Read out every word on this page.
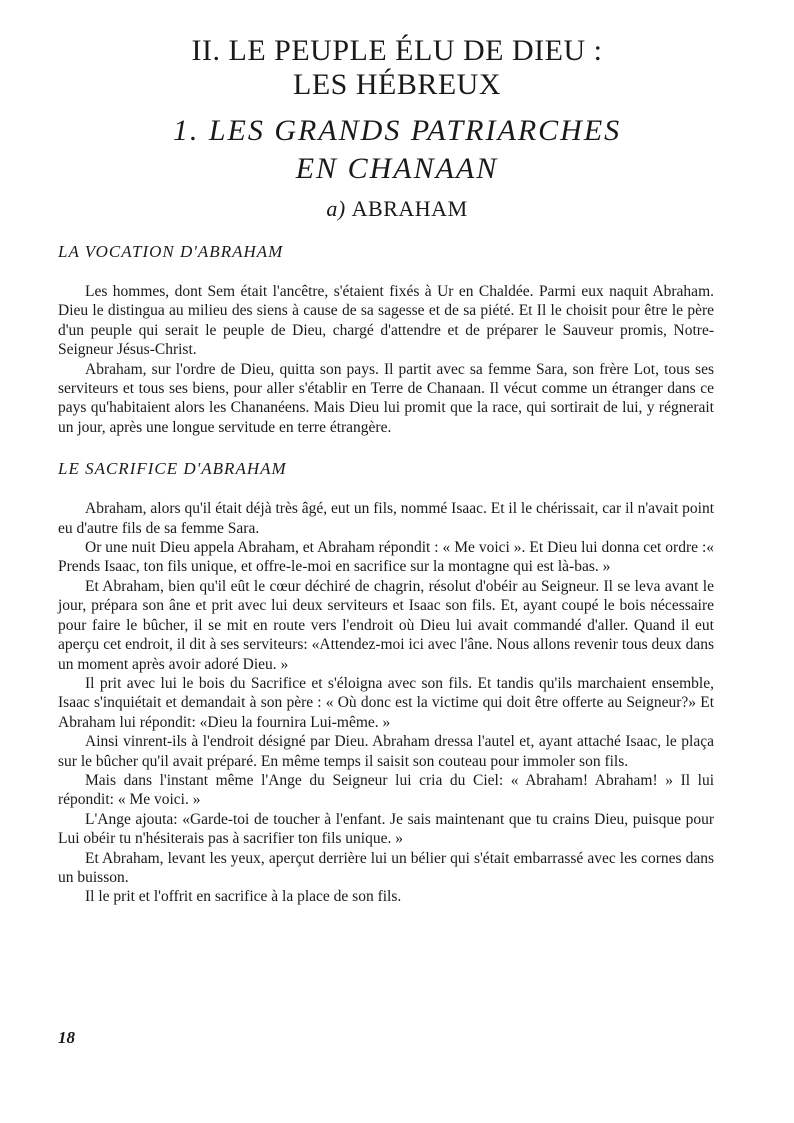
II. LE PEUPLE ÉLU DE DIEU :
LES HÉBREUX
1. LES GRANDS PATRIARCHES
EN CHANAAN
a) ABRAHAM
LA VOCATION D'ABRAHAM

Les hommes, dont Sem était l'ancêtre, s'étaient fixés à Ur en Chaldée. Parmi eux naquit Abraham. Dieu le distingua au milieu des siens à cause de sa sagesse et de sa piété. Et Il le choisit pour être le père d'un peuple qui serait le peuple de Dieu, chargé d'attendre et de préparer le Sauveur promis, Notre-Seigneur Jésus-Christ.

Abraham, sur l'ordre de Dieu, quitta son pays. Il partit avec sa femme Sara, son frère Lot, tous ses serviteurs et tous ses biens, pour aller s'établir en Terre de Chanaan. Il vécut comme un étranger dans ce pays qu'habitaient alors les Chananéens. Mais Dieu lui promit que la race, qui sortirait de lui, y régnerait un jour, après une longue servitude en terre étrangère.

LE SACRIFICE D'ABRAHAM

Abraham, alors qu'il était déjà très âgé, eut un fils, nommé Isaac. Et il le chérissait, car il n'avait point eu d'autre fils de sa femme Sara.

Or une nuit Dieu appela Abraham, et Abraham répondit : « Me voici ». Et Dieu lui donna cet ordre :« Prends Isaac, ton fils unique, et offre-le-moi en sacrifice sur la montagne qui est là-bas. »

Et Abraham, bien qu'il eût le cœur déchiré de chagrin, résolut d'obéir au Seigneur. Il se leva avant le jour, prépara son âne et prit avec lui deux serviteurs et Isaac son fils. Et, ayant coupé le bois nécessaire pour faire le bûcher, il se mit en route vers l'endroit où Dieu lui avait commandé d'aller. Quand il eut aperçu cet endroit, il dit à ses serviteurs: «Attendez-moi ici avec l'âne. Nous allons revenir tous deux dans un moment après avoir adoré Dieu. »

Il prit avec lui le bois du Sacrifice et s'éloigna avec son fils. Et tandis qu'ils marchaient ensemble, Isaac s'inquiétait et demandait à son père : « Où donc est la victime qui doit être offerte au Seigneur?» Et Abraham lui répondit: «Dieu la fournira Lui-même. »

Ainsi vinrent-ils à l'endroit désigné par Dieu. Abraham dressa l'autel et, ayant attaché Isaac, le plaça sur le bûcher qu'il avait préparé. En même temps il saisit son couteau pour immoler son fils.

Mais dans l'instant même l'Ange du Seigneur lui cria du Ciel: « Abraham! Abraham! » Il lui répondit: « Me voici. »

L'Ange ajouta: «Garde-toi de toucher à l'enfant. Je sais maintenant que tu crains Dieu, puisque pour Lui obéir tu n'hésiterais pas à sacrifier ton fils unique. »

Et Abraham, levant les yeux, aperçut derrière lui un bélier qui s'était embarrassé avec les cornes dans un buisson.

Il le prit et l'offrit en sacrifice à la place de son fils.

18
